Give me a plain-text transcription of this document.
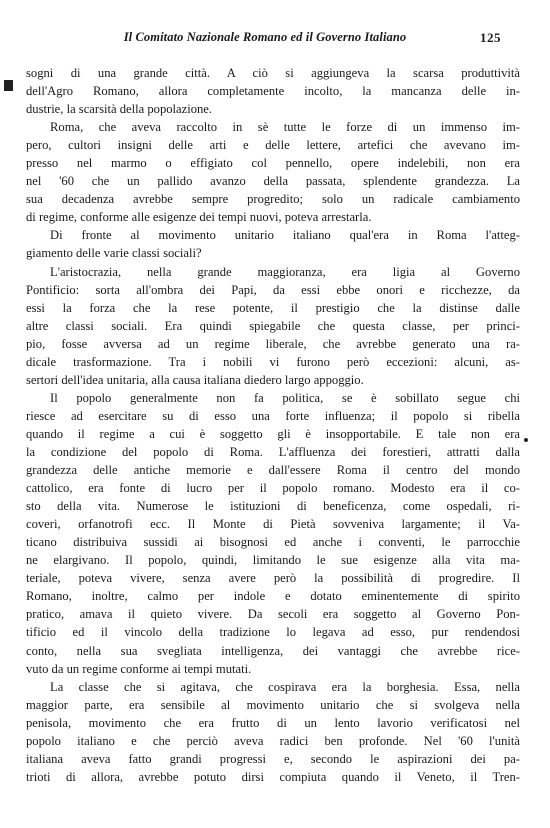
Il Comitato Nazionale Romano ed il Governo Italiano	125
sogni di una grande città. A ciò si aggiungeva la scarsa produttività
dell'Agro Romano, allora completamente incolto, la mancanza delle in-
dustrie, la scarsità della popolazione.
Roma, che aveva raccolto in sè tutte le forze di un immenso im-
pero, cultori insigni delle arti e delle lettere, artefici che avevano im-
presso nel marmo o effigiato col pennello, opere indelebili, non era
nel '60 che un pallido avanzo della passata, splendente grandezza. La
sua decadenza avrebbe sempre progredito; solo un radicale cambiamento
di regime, conforme alle esigenze dei tempi nuovi, poteva arrestarla.
Di fronte al movimento unitario italiano qual'era in Roma l'atteg-
giamento delle varie classi sociali?
L'aristocrazia, nella grande maggioranza, era ligia al Governo
Pontificio: sorta all'ombra dei Papi, da essi ebbe onori e ricchezze, da
essi la forza che la rese potente, il prestigio che la distinse dalle
altre classi sociali. Era quindi spiegabile che questa classe, per princi-
pio, fosse avversa ad un regime liberale, che avrebbe generato una ra-
dicale trasformazione. Tra i nobili vi furono però eccezioni: alcuni, as-
sertori dell'idea unitaria, alla causa italiana diedero largo appoggio.
Il popolo generalmente non fa politica, se è sobillato segue chi
riesce ad esercitare su di esso una forte influenza; il popolo si ribella
quando il regime a cui è soggetto gli è insopportabile. E tale non era
la condizione del popolo di Roma. L'affluenza dei forestieri, attratti dalla
grandezza delle antiche memorie e dall'essere Roma il centro del mondo
cattolico, era fonte di lucro per il popolo romano. Modesto era il co-
sto della vita. Numerose le istituzioni di beneficenza, come ospedali, ri-
coveri, orfanotrofi ecc. Il Monte di Pietà sovveniva largamente; il Va-
ticano distribuiva sussidi ai bisognosi ed anche i conventi, le parrocchie
ne elargivano. Il popolo, quindi, limitando le sue esigenze alla vita ma-
teriale, poteva vivere, senza avere però la possibilità di progredire. Il
Romano, inoltre, calmo per indole e dotato eminentemente di spirito
pratico, amava il quieto vivere. Da secoli era soggetto al Governo Pon-
tificio ed il vincolo della tradizione lo legava ad esso, pur rendendosi
conto, nella sua svegliata intelligenza, dei vantaggi che avrebbe rice-
vuto da un regime conforme ai tempi mutati.
La classe che si agitava, che cospirava era la borghesia. Essa, nella
maggior parte, era sensibile al movimento unitario che si svolgeva nella
penisola, movimento che era frutto di un lento lavorio verificatosi nel
popolo italiano e che perciò aveva radici ben profonde. Nel '60 l'unità
italiana aveva fatto grandi progressi e, secondo le aspirazioni dei pa-
trioti di allora, avrebbe potuto dirsi compiuta quando il Veneto, il Tren-
